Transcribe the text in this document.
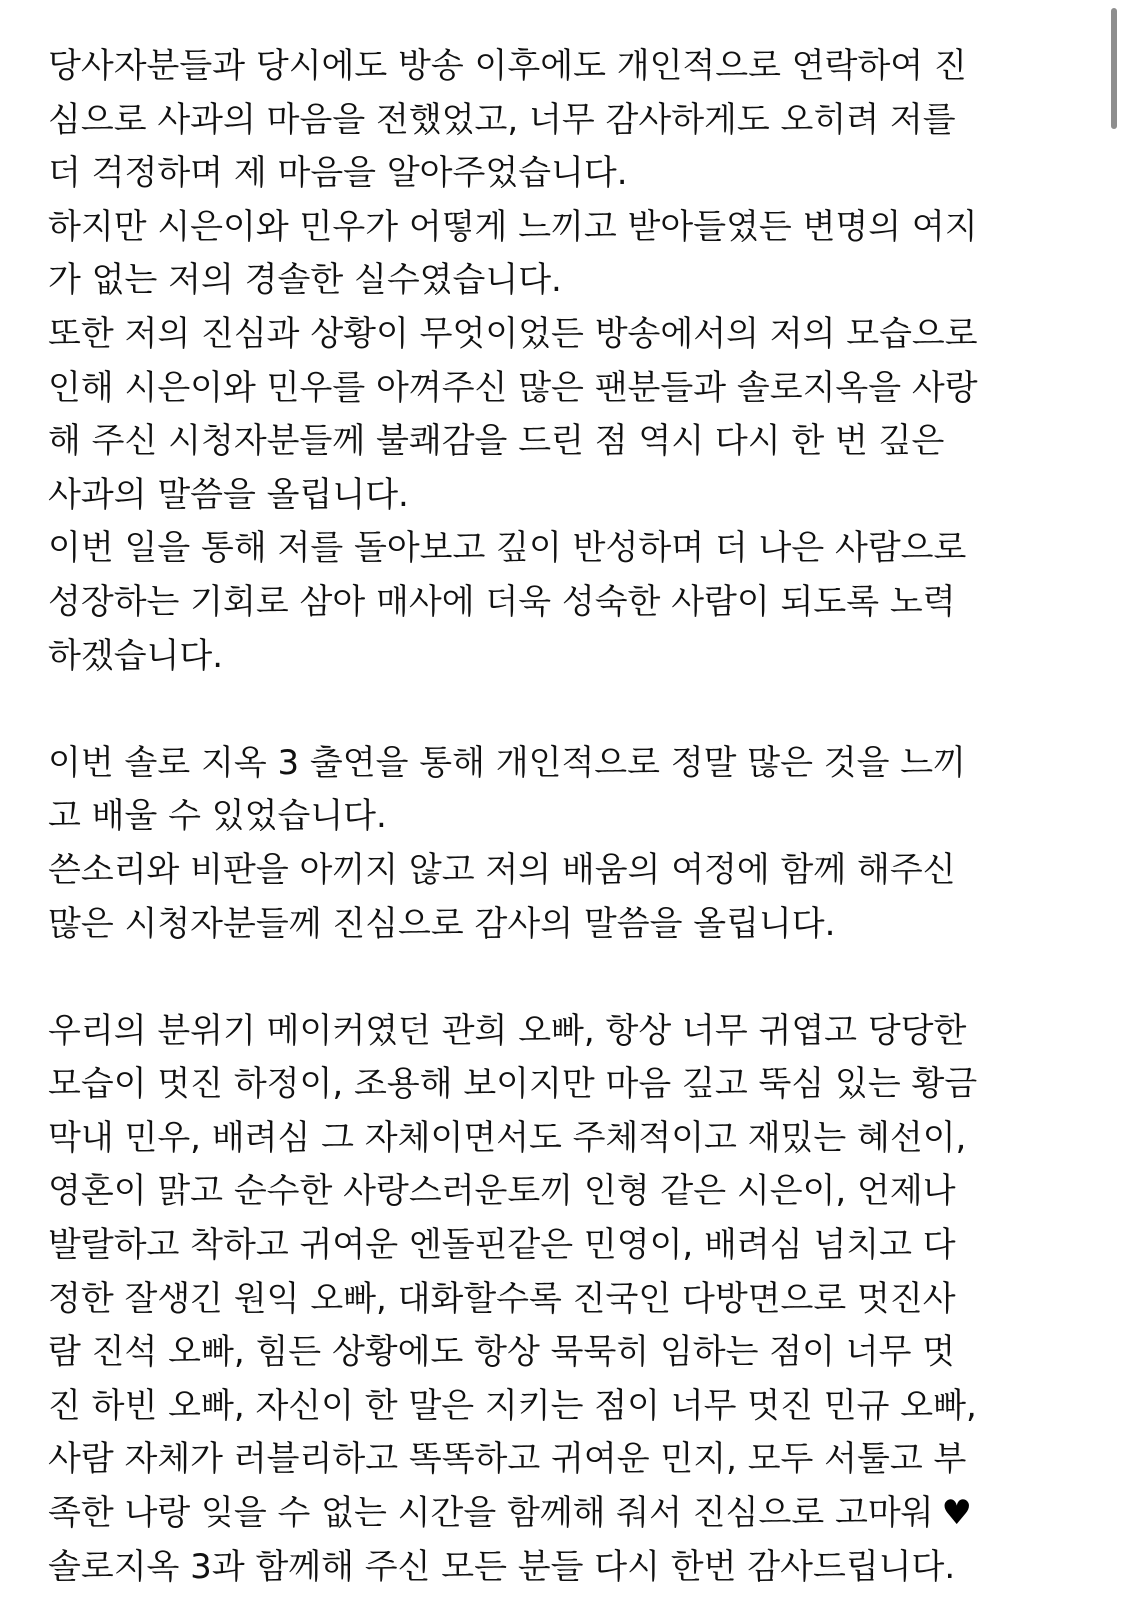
당사자분들과 당시에도 방송 이후에도 개인적으로 연락하여 진
심으로 사과의 마음을 전했었고, 너무 감사하게도 오히려 저를
더 걱정하며 제 마음을 알아주었습니다.
하지만 시은이와 민우가 어떻게 느끼고 받아들였든 변명의 여지
가 없는 저의 경솔한 실수였습니다.
또한 저의 진심과 상황이 무엇이었든 방송에서의 저의 모습으로
인해 시은이와 민우를 아껴주신 많은 팬분들과 솔로지옥을 사랑
해 주신 시청자분들께 불쾌감을 드린 점 역시 다시 한 번 깊은
사과의 말씀을 올립니다.
이번 일을 통해 저를 돌아보고 깊이 반성하며 더 나은 사람으로
성장하는 기회로 삼아 매사에 더욱 성숙한 사람이 되도록 노력
하겠습니다.
이번 솔로 지옥 3 출연을 통해 개인적으로 정말 많은 것을 느끼
고 배울 수 있었습니다.
쓴소리와 비판을 아끼지 않고 저의 배움의 여정에 함께 해주신
많은 시청자분들께 진심으로 감사의 말씀을 올립니다.
우리의 분위기 메이커였던 관희 오빠, 항상 너무 귀엽고 당당한
모습이 멋진 하정이, 조용해 보이지만 마음 깊고 뚝심 있는 황금
막내 민우, 배려심 그 자체이면서도 주체적이고 재밌는 혜선이,
영혼이 맑고 순수한 사랑스러운토끼 인형 같은 시은이, 언제나
발랄하고 착하고 귀여운 엔돌핀같은 민영이, 배려심 넘치고 다
정한 잘생긴 원익 오빠, 대화할수록 진국인 다방면으로 멋진사
람 진석 오빠, 힘든 상황에도 항상 묵묵히 임하는 점이 너무 멋
진 하빈 오빠, 자신이 한 말은 지키는 점이 너무 멋진 민규 오빠,
사람 자체가 러블리하고 똑똑하고 귀여운 민지, 모두 서툴고 부
족한 나랑 잊을 수 없는 시간을 함께해 줘서 진심으로 고마워 ♥
솔로지옥 3과 함께해 주신 모든 분들 다시 한번 감사드립니다.
